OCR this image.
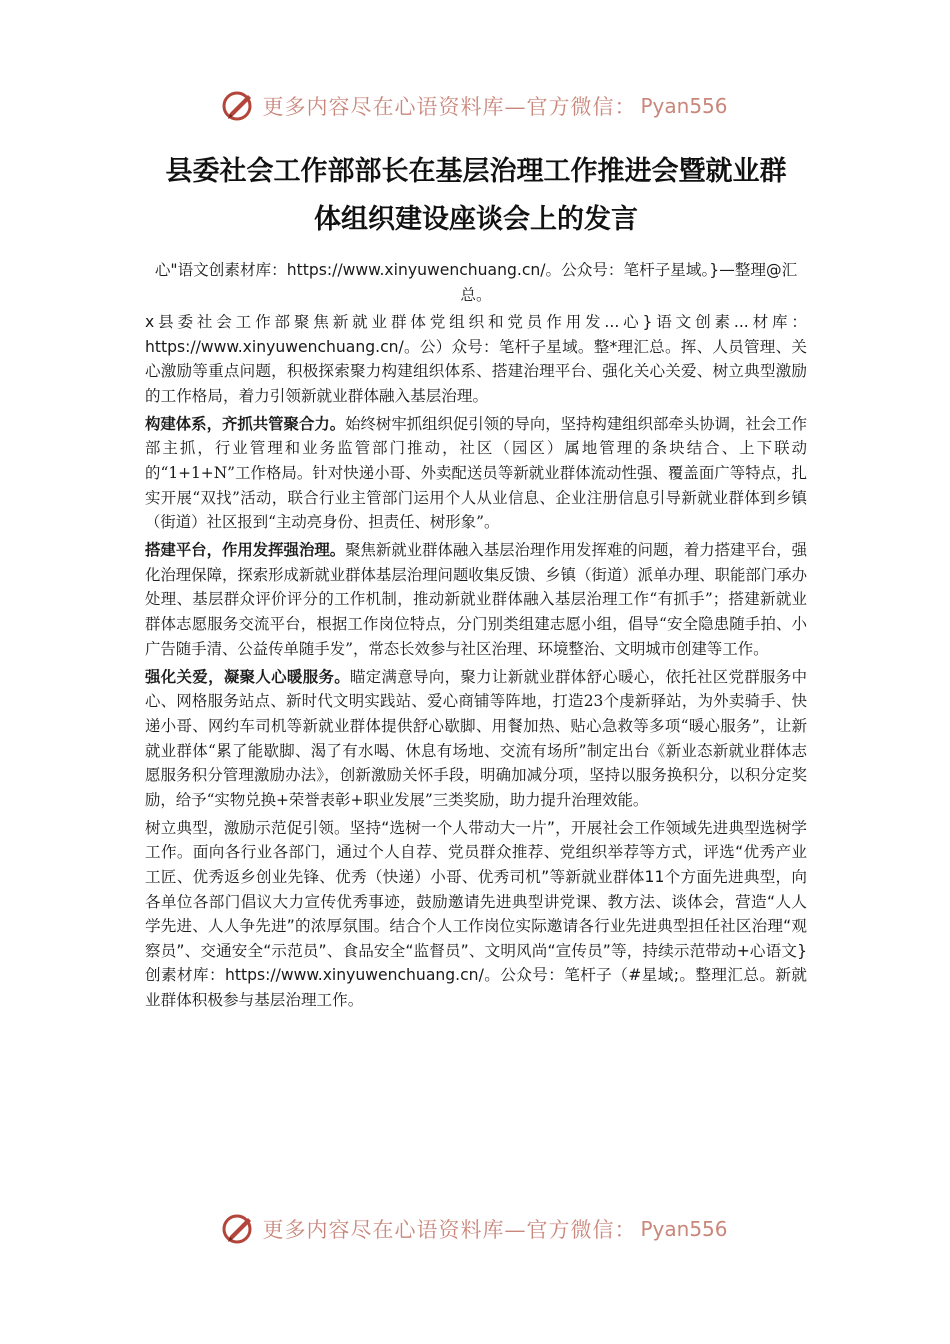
更多内容尽在心语资料库—官方微信： Pyan556
县委社会工作部部长在基层治理工作推进会暨就业群
体组织建设座谈会上的发言

心"语文创素材库：https://www.xinyuwenchuang.cn/。公众号：笔杆子星域。}—整理@汇总。

x县委社会工作部聚焦新就业群体党组织和党员作用发...心}语文创素...材库：https://www.xinyuwenchuang.cn/。公）众号：笔杆子星域。整*理汇总。挥、人员管理、关心激励等重点问题，积极探索聚力构建组织体系、搭建治理平台、强化关心关爱、树立典型激励的工作格局，着力引领新就业群体融入基层治理。

构建体系，齐抓共管聚合力。始终树牢抓组织促引领的导向，坚持构建组织部牵头协调，社会工作部主抓，行业管理和业务监管部门推动，社区（园区）属地管理的条块结合、上下联动的“1+1+N”工作格局。针对快递小哥、外卖配送员等新就业群体流动性强、覆盖面广等特点，扎实开展“双找”活动，联合行业主管部门运用个人从业信息、企业注册信息引导新就业群体到乡镇（街道）社区报到“主动亮身份、担责任、树形象”。

搭建平台，作用发挥强治理。聚焦新就业群体融入基层治理作用发挥难的问题，着力搭建平台，强化治理保障，探索形成新就业群体基层治理问题收集反馈、乡镇（街道）派单办理、职能部门承办处理、基层群众评价评分的工作机制，推动新就业群体融入基层治理工作“有抓手”；搭建新就业群体志愿服务交流平台，根据工作岗位特点，分门别类组建志愿小组，倡导“安全隐患随手拍、小广告随手清、公益传单随手发”，常态长效参与社区治理、环境整治、文明城市创建等工作。

强化关爱，凝聚人心暖服务。瞄定满意导向，聚力让新就业群体舒心暖心，依托社区党群服务中心、网格服务站点、新时代文明实践站、爱心商铺等阵地，打造23个虔新驿站，为外卖骑手、快递小哥、网约车司机等新就业群体提供舒心歇脚、用餐加热、贴心急救等多项“暖心服务”，让新就业群体“累了能歇脚、渴了有水喝、休息有场地、交流有场所”制定出台《新业态新就业群体志愿服务积分管理激励办法》，创新激励关怀手段，明确加减分项，坚持以服务换积分，以积分定奖励，给予“实物兑换+荣誉表彰+职业发展”三类奖励，助力提升治理效能。

树立典型，激励示范促引领。坚持“选树一个人带动大一片”，开展社会工作领域先进典型选树学工作。面向各行业各部门，通过个人自荐、党员群众推荐、党组织举荐等方式，评选“优秀产业工匠、优秀返乡创业先锋、优秀（快递）小哥、优秀司机”等新就业群体11个方面先进典型，向各单位各部门倡议大力宣传优秀事迹，鼓励邀请先进典型讲党课、教方法、谈体会，营造“人人学先进、人人争先进”的浓厚氛围。结合个人工作岗位实际邀请各行业先进典型担任社区治理“观察员”、交通安全“示范员”、食品安全“监督员”、文明风尚“宣传员”等，持续示范带动+心语文}创素材库：https://www.xinyuwenchuang.cn/。公众号：笔杆子（#星域;。整理汇总。新就业群体积极参与基层治理工作。

更多内容尽在心语资料库—官方微信： Pyan556
